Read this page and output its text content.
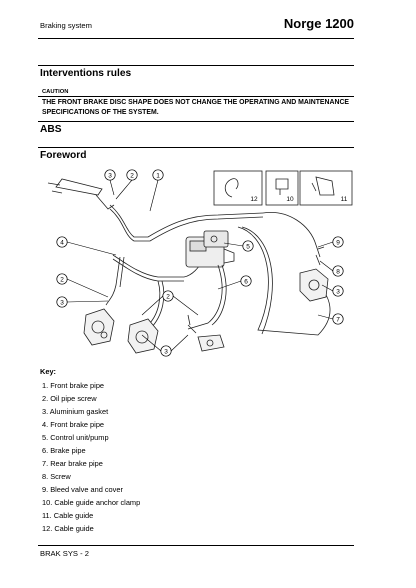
Braking system	Norge 1200
Interventions rules
CAUTION
THE FRONT BRAKE DISC SHAPE DOES NOT CHANGE THE OPERATING AND MAINTENANCE SPECIFICATIONS OF THE SYSTEM.
ABS
Foreword
3	2	1
4
2
3
2
3
5
6
9
8
3
7
12	10	11
Key:
1. Front brake pipe
2. Oil pipe screw
3. Aluminium gasket
4. Front brake pipe
5. Control unit/pump
6. Brake pipe
7. Rear brake pipe
8. Screw
9. Bleed valve and cover
10. Cable guide anchor clamp
11. Cable guide
12. Cable guide
BRAK SYS - 2
